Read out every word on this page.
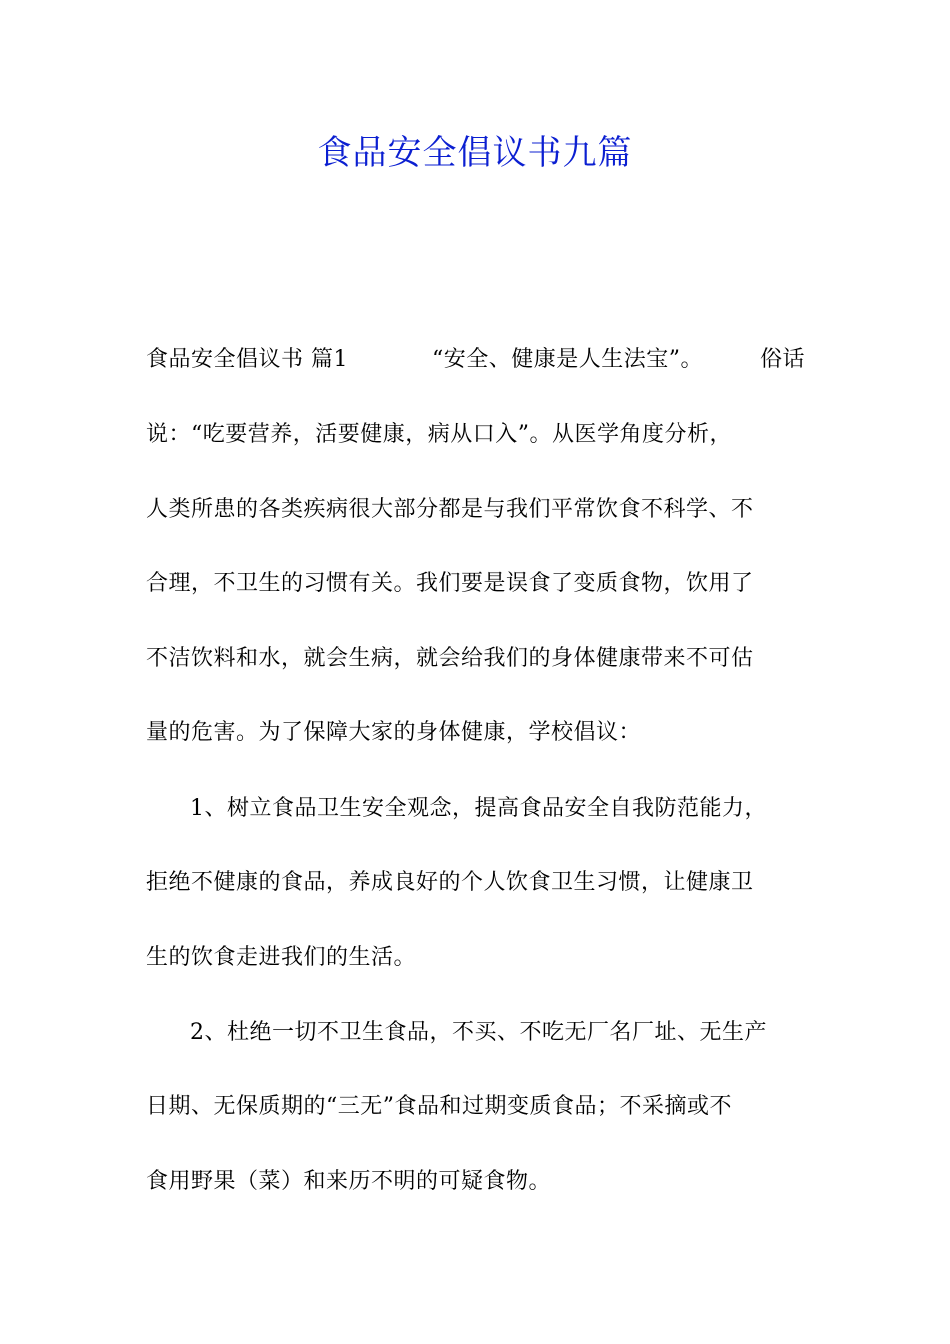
食品安全倡议书九篇
食品安全倡议书 篇1	“安全、健康是人生法宝”。	俗话
说：“吃要营养，活要健康，病从口入”。从医学角度分析，
人类所患的各类疾病很大部分都是与我们平常饮食不科学、不
合理，不卫生的习惯有关。我们要是误食了变质食物，饮用了
不洁饮料和水，就会生病，就会给我们的身体健康带来不可估
量的危害。为了保障大家的身体健康，学校倡议：
1、树立食品卫生安全观念，提高食品安全自我防范能力，
拒绝不健康的食品，养成良好的个人饮食卫生习惯，让健康卫
生的饮食走进我们的生活。
2、杜绝一切不卫生食品，不买、不吃无厂名厂址、无生产
日期、无保质期的“三无”食品和过期变质食品；不采摘或不
食用野果（菜）和来历不明的可疑食物。
